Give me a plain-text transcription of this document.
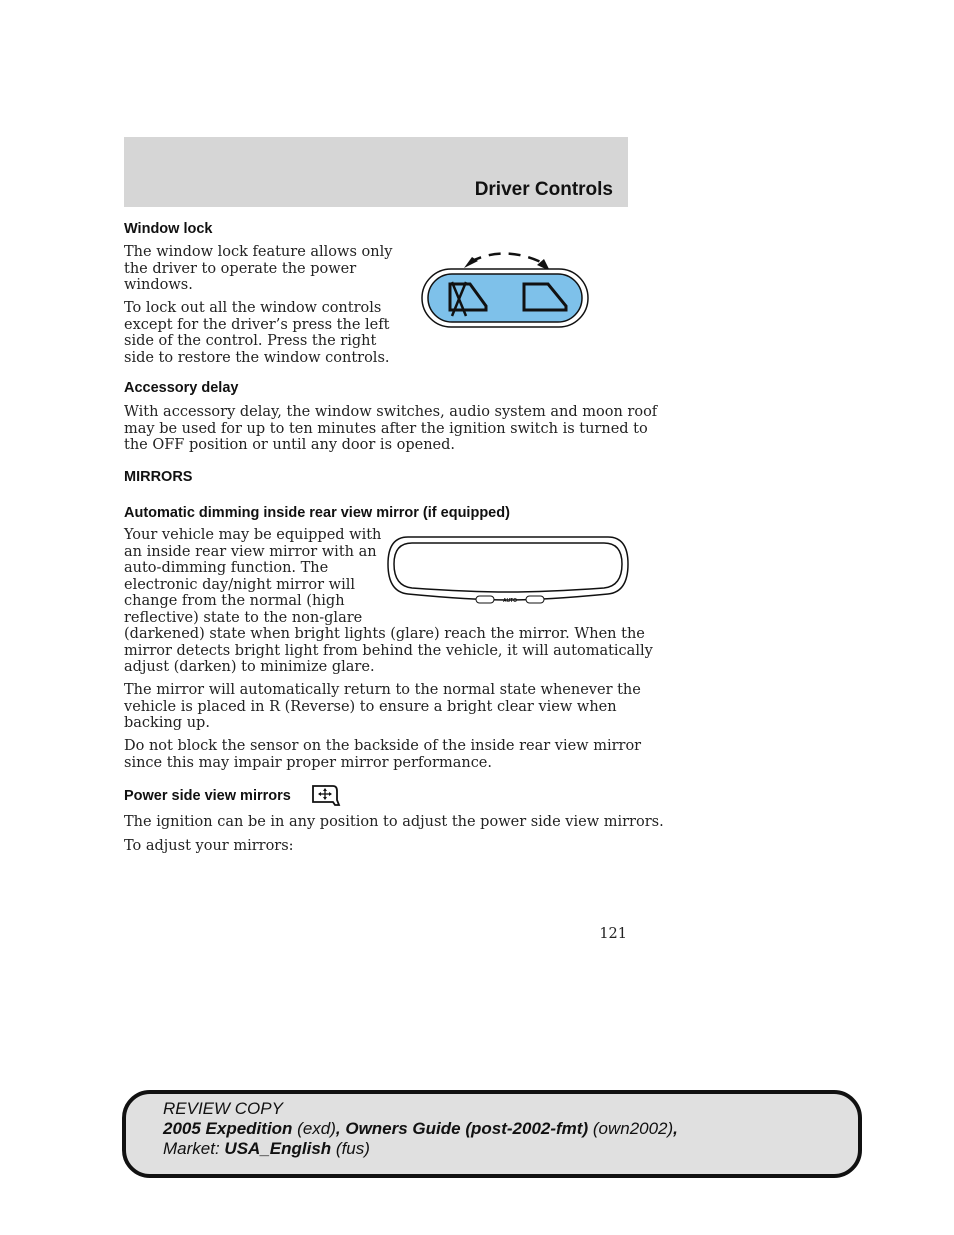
Driver Controls
Window lock
The window lock feature allows only
the driver to operate the power
windows.
To lock out all the window controls
except for the driver’s press the left
side of the control. Press the right
side to restore the window controls.
Accessory delay
With accessory delay, the window switches, audio system and moon roof
may be used for up to ten minutes after the ignition switch is turned to
the OFF position or until any door is opened.
MIRRORS
Automatic dimming inside rear view mirror (if equipped)
Your vehicle may be equipped with
an inside rear view mirror with an
auto-dimming function. The
electronic day/night mirror will
change from the normal (high
reflective) state to the non-glare
(darkened) state when bright lights (glare) reach the mirror. When the
mirror detects bright light from behind the vehicle, it will automatically
adjust (darken) to minimize glare.
AUTO
The mirror will automatically return to the normal state whenever the
vehicle is placed in R (Reverse) to ensure a bright clear view when
backing up.
Do not block the sensor on the backside of the inside rear view mirror
since this may impair proper mirror performance.
Power side view mirrors
The ignition can be in any position to adjust the power side view mirrors.
To adjust your mirrors:
121
REVIEW COPY
2005 Expedition (exd), Owners Guide (post-2002-fmt) (own2002),
Market: USA_English (fus)
